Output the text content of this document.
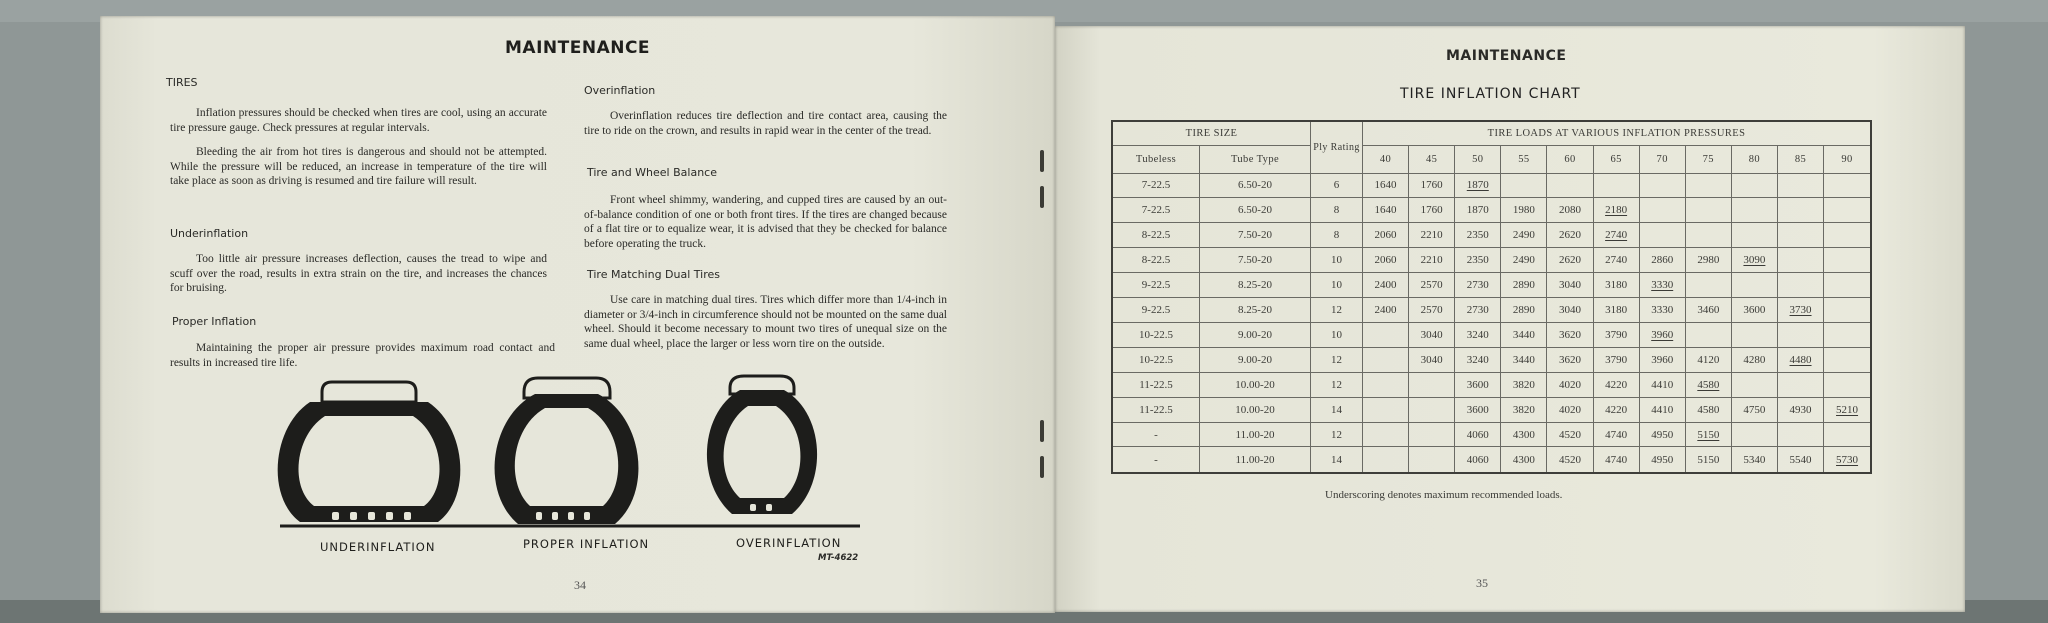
MAINTENANCE
TIRES

Inflation pressures should be checked when tires are cool, using an accurate tire pressure gauge. Check pressures at regular intervals.

Bleeding the air from hot tires is dangerous and should not be attempted. While the pressure will be reduced, an increase in temperature of the tire will take place as soon as driving is resumed and tire failure will result.

Underinflation

Too little air pressure increases deflection, causes the tread to wipe and scuff over the road, results in extra strain on the tire, and increases the chances for bruising.

Proper Inflation

Maintaining the proper air pressure provides maximum road contact and results in increased tire life.

Overinflation

Overinflation reduces tire deflection and tire contact area, causing the tire to ride on the crown, and results in rapid wear in the center of the tread.

Tire and Wheel Balance

Front wheel shimmy, wandering, and cupped tires are caused by an out-of-balance condition of one or both front tires. If the tires are changed because of a flat tire or to equalize wear, it is advised that they be checked for balance before operating the truck.

Tire Matching Dual Tires

Use care in matching dual tires. Tires which differ more than 1/4-inch in diameter or 3/4-inch in circumference should not be mounted on the same dual wheel. Should it become necessary to mount two tires of unequal size on the same dual wheel, place the larger or less worn tire on the outside.

UNDERINFLATION	PROPER INFLATION	OVERINFLATION
MT-4622
34
MAINTENANCE
TIRE INFLATION CHART
TIRE SIZE		Ply Rating	TIRE LOADS AT VARIOUS INFLATION PRESSURES										
Tubeless	Tube Type		40	45	50	55	60	65	70	75	80	85	90
7-22.5	6.50-20	6	1640	1760	1870								
7-22.5	6.50-20	8	1640	1760	1870	1980	2080	2180					
8-22.5	7.50-20	8	2060	2210	2350	2490	2620	2740					
8-22.5	7.50-20	10	2060	2210	2350	2490	2620	2740	2860	2980	3090		
9-22.5	8.25-20	10	2400	2570	2730	2890	3040	3180	3330				
9-22.5	8.25-20	12	2400	2570	2730	2890	3040	3180	3330	3460	3600	3730	
10-22.5	9.00-20	10		3040	3240	3440	3620	3790	3960				
10-22.5	9.00-20	12		3040	3240	3440	3620	3790	3960	4120	4280	4480	
11-22.5	10.00-20	12			3600	3820	4020	4220	4410	4580			
11-22.5	10.00-20	14			3600	3820	4020	4220	4410	4580	4750	4930	5210
-	11.00-20	12			4060	4300	4520	4740	4950	5150			
-	11.00-20	14			4060	4300	4520	4740	4950	5150	5340	5540	5730
Underscoring denotes maximum recommended loads.
35
